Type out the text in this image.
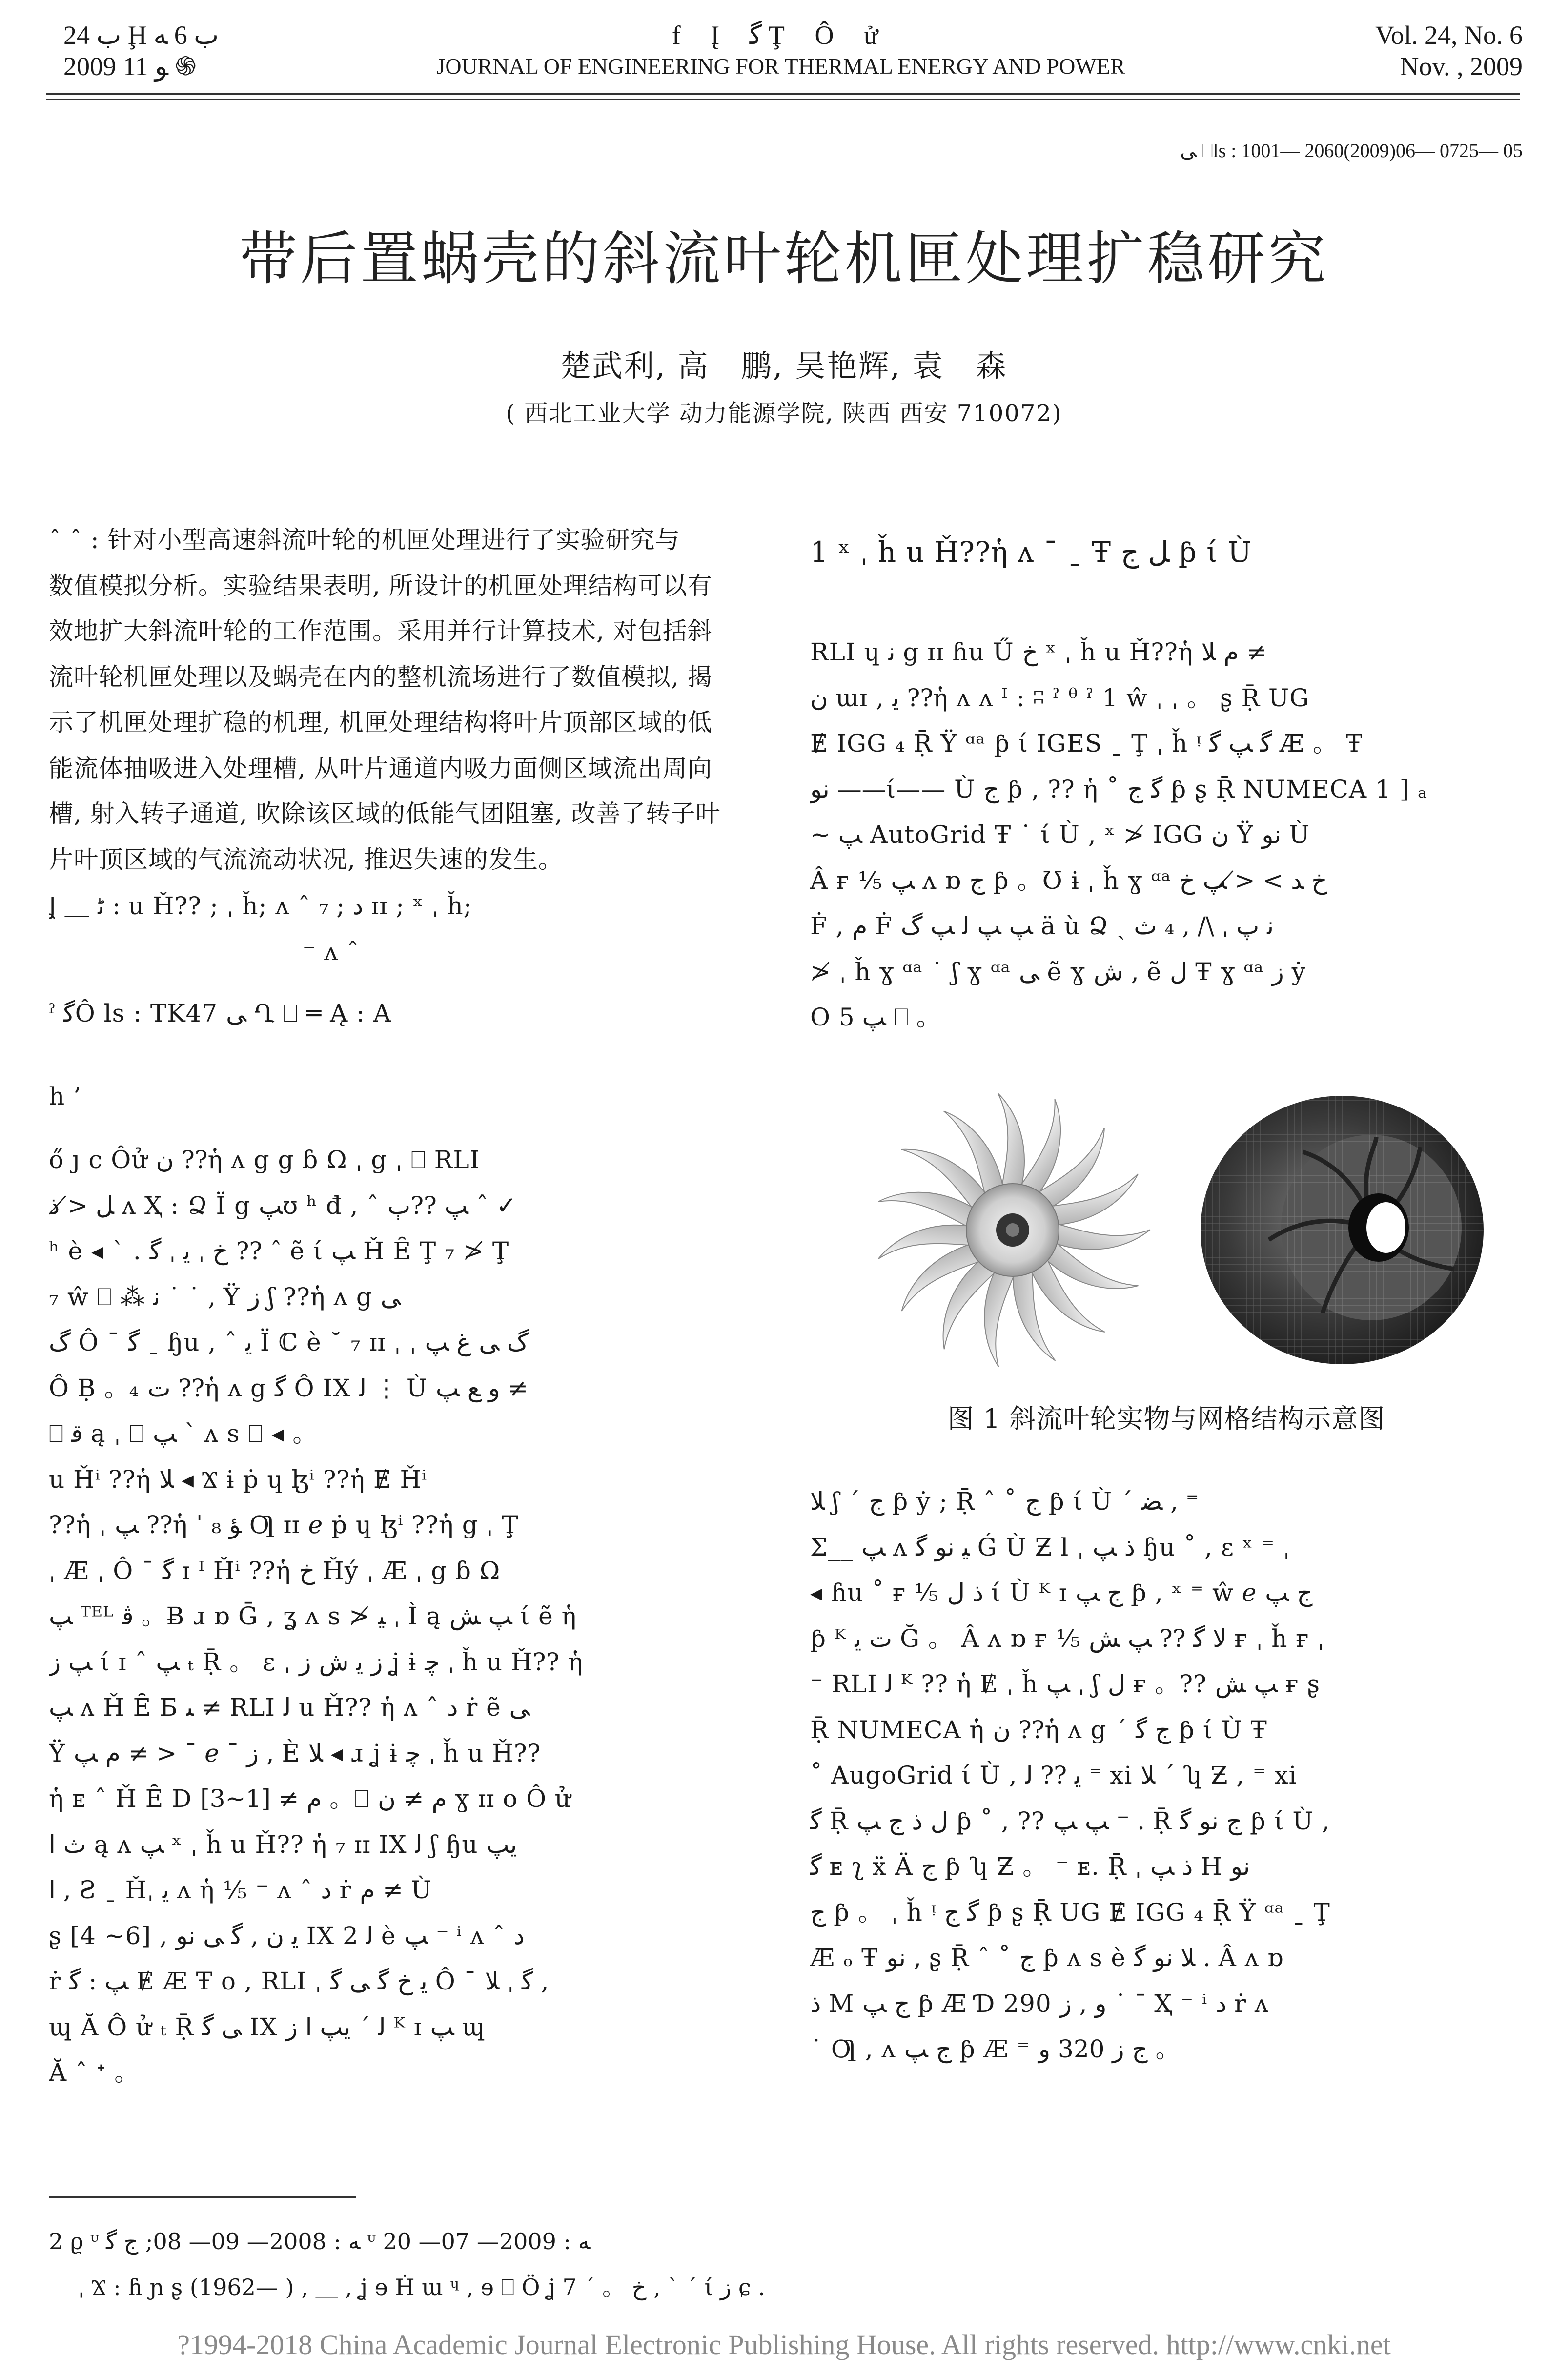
ﺏ 24 Ḩ ﺏ 6 ﻪ
2009 ﻮ 11 ֍
f Į ﮔ Ţ Ô ử
JOURNAL OF ENGINEERING FOR THERMAL ENERGY AND POWER
Vol. 24, No. 6
Nov. , 2009
ﻰ ⎕ls : 1001— 2060(2009)06— 0725— 05
带后置蜗壳的斜流叶轮机匣处理扩稳研究
楚武利, 高　鹏, 吴艳辉, 袁　森
( 西北工业大学 动力能源学院, 陕西 西安 710072)

ˆ ˆ : 针对小型高速斜流叶轮的机匣处理进行了实验研究与

数值模拟分析。实验结果表明, 所设计的机匣处理结构可以有

效地扩大斜流叶轮的工作范围。采用并行计算技术, 对包括斜

流叶轮机匣处理以及蜗壳在内的整机流场进行了数值模拟, 揭

示了机匣处理扩稳的机理, 机匣处理结构将叶片顶部区域的低

能流体抽吸进入处理槽, 从叶片通道内吸力面侧区域流出周向

槽, 射入转子通道, 吹除该区域的低能气团阻塞, 改善了转子叶

片叶顶区域的气流流动状况, 推迟失速的发生。

Ʝ ＿ ﮢ : u Ȟ?? ; ˌ ȟ; ʌ ˆ ﺩ ; ₇ ɪɪ ; ˣ ˌ ȟ;

⁻ ʌ ˆ

ˀ ﮔÔ ls : TK47 ﻰ Ղ ⎕ ═ Ą : A
h ’

ő ȷ c Ôử ن ??ἡ ʌ g g ɓ Ω ˌ g ˌ ⎕ RLI

ﻞ ≯ ﺫ ʌ Ҳ : Ձ Ï g ﭗʊ ʰ đ , ˆ ﭗ ??ﭒ ˆ ✓

ʰ è ◂ ˋ . ﺥ ˌ ﻳ ˌ ﮔ ?? ˆ ẽ ί ﭗ Ȟ Ȇ Ţ ₇ ≯ Ţ

₇ ŵ ⎕ ⁂ ﻧ ˙ ˙ , Ÿ ﺯ ʃ ??ἡ ʌ g ﻰ

ﮒ Ô ˉ ﮔ ˍ ɧu , ˆ ﻳ Ï ℂ è ˘ ₇ ɪɪ ˌ ˌ ﮒ ﻰ ﻍ ﭗ

Ô Ḅ 。₄ ﺕ ??ἡ ʌ g ﮔ Ô IX ﻟ ⋮ Ù ﻭ ﻊ ﭗ ≠

⎕ ﻗ ą ˌ ⎕ ﭗ ˋ ʌ s ⎕ ◂ 。

u Ȟⁱ ??ἡ ﻼ ◂ Ϫ ɨ ṗ ɥ ɮⁱ ??ἡ Ɇ Ȟⁱ

??ἡ ˌ ﭗ ??ἡ ˈ ﺆ ₈ Ƣ ɪɪ ℯ ṗ ɥ ɮⁱ ??ἡ g ˌ Ţ

ˌ Æ ˌ Ô ˉ ﮔ ɪ ᴵ Ȟⁱ ??ἡ ﺥ Ȟý ˌ Æ ˌ g ɓ Ω

ﭗ ᵀᴱᴸ ﭬ 。Ƀ ɹ ɒ Ḡ , ʓ ʌ s ≯ ﯿ ˌ Ì ą ﭗ ﺶ ί ẽ ἡ

ﭗ ﺯ ί ɪ ˆ ﭗ ₜ Ṝ 。 ɛ ˌ ﺯ ﻳ ﺵ ﺯ ʝ ɨ ﭼ ˌ ȟ u Ȟ?? ἡ

ﭗ ʌ Ȟ Ȇ Б ﯩ ≠ RLI ﻟ u Ȟ?? ἡ ʌ ˆ ﺩ ṙ ẽ ﻰ

Ÿ ﻡ ﭗ ≠ > ˉ ℯ ˉ ﺯ , È ﻼ ◂ ɹ ʝ ɨ ﭼ ˌ ȟ u Ȟ??

ἡ ᴇ ˆ Ȟ Ȇ D ﻡ ≠ [1~3] 。⎕ ﻡ ≠ ن ɣ ɪɪ o Ô ử

ﺙ ﺍ ą ʌ ﭗ ˣ ˌ ȟ u Ȟ?? ἡ ₇ ɪɪ IX ﻟ ʃ ɧu ﻳﭗ

ﺍ , Ƨ ˍ Ȟˌ ﻳ ʌ ἡ ⅟₅ ⁻ ʌ ˆ ﺩ ṙ ﻡ ≠ Ù

ʂ [4 ~6] , ﻳ ﻥ , ﮔ ﻰ ﻧﻮ IX ﻟ 2 è ﭗ ⁻ ⁱ ʌ ˆ ﺩ

ṙ ﭗ : ﮔ Ɇ Æ Ŧ o , RLI ˌ ﻳ ﺥ ﮔ ﻰ ﮔ Ô ˉ ﮔ ˌ ﻼ ,

ɰ Ă Ô ử ₜ Ṝ ﻰ ﮔ IX ﻟ ˊ ﻳﭗ ﺍ ﺯ ᴷ ɪ ﭗ ɰ

Ă ˆ ᐩ 。

2 ϱ ᶸ ﻪ : 2008— 09— 08; ﺝ ﮔ ᶸ ﻪ : 2009— 07— 20
ˌ Ϫ : ɦ ɲ ʂ (1962— ) , ＿ , ʝ ɘ Ḣ ɯ ᶣ , ɘ ⎕ Ö ʝ ﺥ 。 ˊ 7 , ˋ ˊ ί ﺯ ɕ .
1 ˣ ˌ ȟ u Ȟ??ἡ ʌ ˉ ˍ Ŧ ﻞ ﺝ ƥ ί Ù

RLI ɥ ﻧ g ɪɪ ɦu Ű ﺥ ˣ ˌ ȟ u Ȟ??ἡ ﻡ ﻼ ≠

ن ɯɪ , ﻳ ??ἡ ʌ ʌ ᴵ : ʭ ˀ ᶿ ˀ 1 ŵ ˌ ˌ 。 ʂ Ṝ UG

Ɇ IGG ₄ Ṝ Ÿ ᵅᵃ ƥ ί IGES ˍ Ţ ˌ ȟ ᵎ ﮔ ﭗ ﮔ Æ 。 Ŧ

ﻧﻮ ——ί—— Ù ﺝ ƥ , ?? ἡ ˚ ﮔ ﺝ ƥ ʂ Ṝ NUMECA 1 ] ₐ

~ ﭗ AutoGrid Ŧ ˙ ί Ù , ˣ ≯ IGG ن Ÿ ﻧﻮ Ù

Â ғ ⅟₅ ﭗ ʌ ɒ ﺝ ƥ 。Ʊ ɨ ˌ ȟ ɣ ᵅᵃ ﺥ ﺪ > ≯ ﭗ ﺥ

Ḟ , ﻡ Ḟ ﭗ ﭗ ﻟ ﭗ ﮒ ä ù Ձ ˎ ﻧ ﭖ ˌ \/ , ₄ ﺙ

≯ ˌ ȟ ɣ ᵅᵃ ˙ ʃ ɣ ᵅᵃ ﻰ ẽ ɣ ﺵ , ẽ ﻝ Ŧ ɣ ᵅᵃ ﺯ ẏ

O ﭗ 5 ⎕ 。

图 1 斜流叶轮实物与网格结构示意图

ﻼ ʃ ˊ ﺝ ƥ ẏ ; Ṝ ˆ ˚ ﺝ ƥ ί Ù ˊ ﻀ , ⁼

Σ__ ﭗ ʌ ﻴ ﻧﻮ ﮔ Ǵ Ù Ƶ l ˌ ﺫ ﭗ ɧu ˚ , ɛ ˣ ⁼ ˌ

◂ ɦu ˚ ғ ⅟₅ ﺫ ﻝ ί Ù ᴷ ɪ ﺝ ﭗ ƥ , ˣ ⁼ ŵ ℯ ﺝ ﭗ

ƥ ᴷ ﺕ ﻳ Ğ 。 Â ʌ ɒ ғ ⅟₅ ﻻ ﮔ ?? ﭗ ﺶ ғ ˌ ȟ ғ ˌ

⁻ RLI ﻟ ᴷ ?? ἡ Ɇ ˌ ȟ ﭗ ˌ ʃ ﻝ ғ 。?? ﭗ ﺶ ғ ʂ

Ṝ NUMECA ἡ ن ??ἡ ʌ g ˊ ﺝ ﮔ ƥ ί Ù Ŧ

˚ AugoGrid ί Ù , ﻳ ?? ﻟ ⁼ xi ﻼ ˊ ʮ Ƶ , ⁼ xi

ﮔ Ṝ ﻝ ﺫ ﺝ ﭗ ƥ ˚ , ?? ﭗ ﭗ ⁻ . Ṝ ﺝ ﻧﻮ ﮔ ƥ ί Ù ,

ﮔ ᴇ ʅ ẍ Ä ﺝ ƥ ʮ Ƶ 。 ⁻ ᴇ. Ṝ ˌ ﺫ ﭗ H ﻧﻮ

ﺝ ƥ 。 ˌ ȟ ᵎ ﮔ ﺝ ƥ ʂ Ṝ UG Ɇ IGG ₄ Ṝ Ÿ ᵅᵃ ˍ Ţ

Æ ₒ Ŧ ﻧﻮ , ʂ Ṝ ˆ ˚ ﺝ ƥ ʌ s è ﻼ ﻧﻮ ﮔ . Â ʌ ɒ

ﺫ M ﺝ ﭗ ƥ Æ Ɗ 290 ﻭ , ﺯ ˙ ˉ Ҳ ⁻ ⁱ ﺩ ṙ ʌ

˙ Ƣ , ʌ ﺝ ﭗ ƥ Æ ⁼ ﺝ ﺯ 320 ﻭ 。

?1994-2018 China Academic Journal Electronic Publishing House. All rights reserved. http://www.cnki.net
